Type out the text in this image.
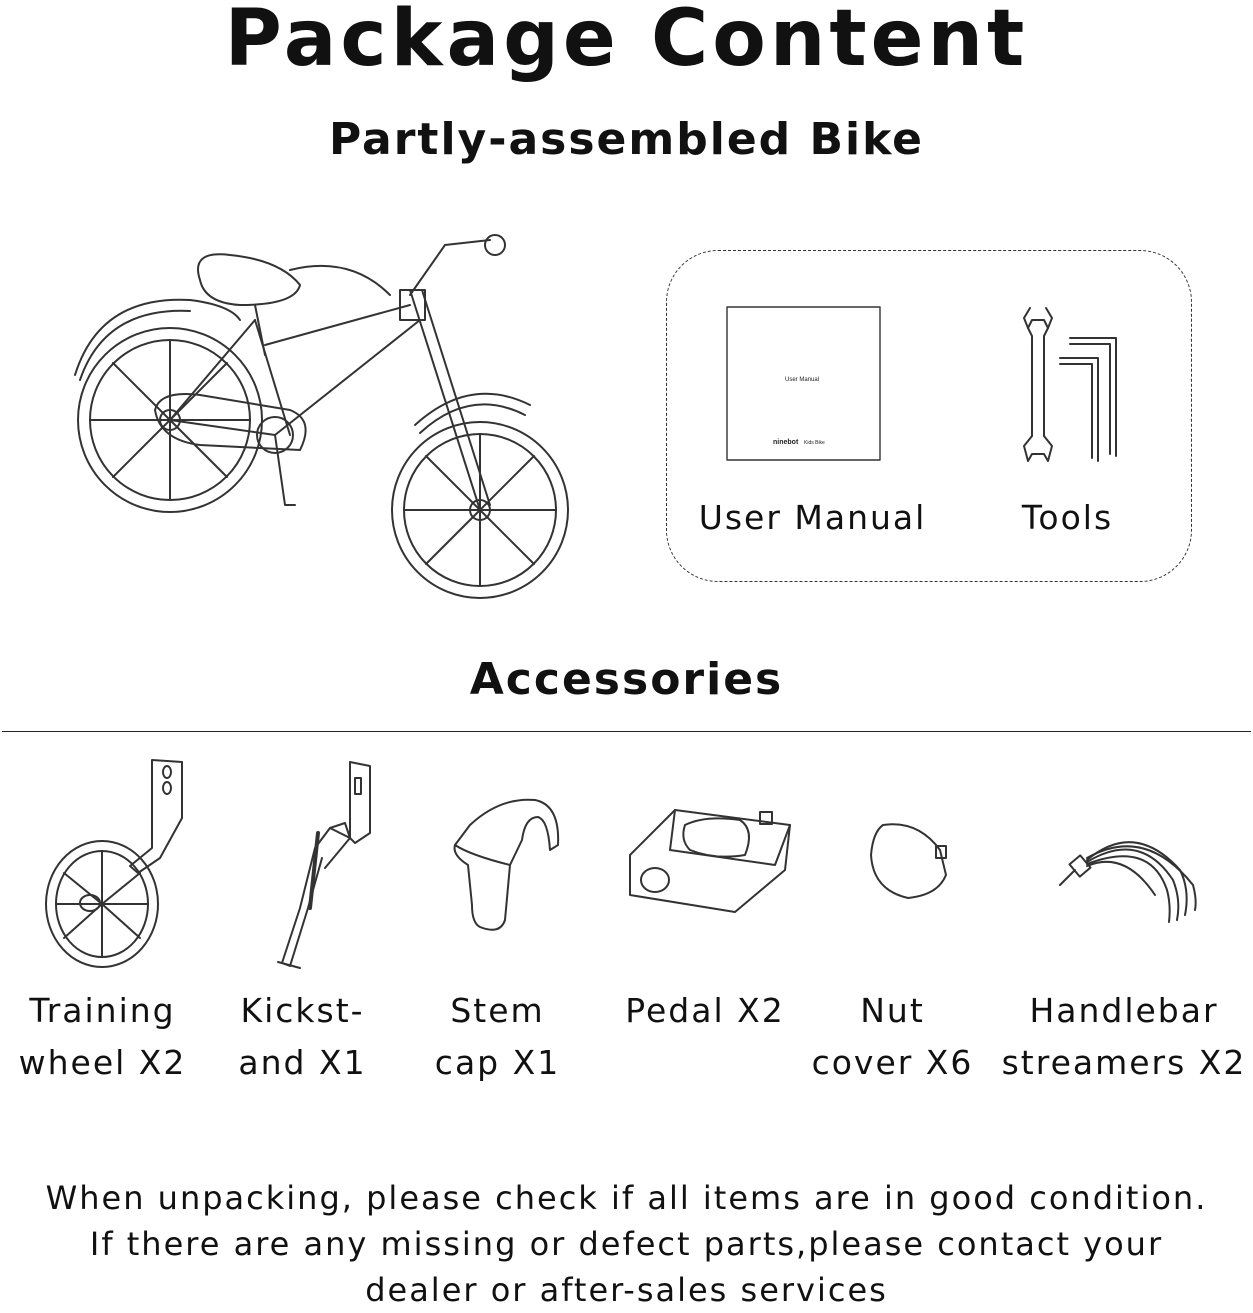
Package Content
Partly-assembled Bike
User Manual
ninebot Kids Bike
User Manual	Tools
Accessories
Training
wheel X2
Kickst-
and X1
Stem
cap X1
Pedal X2	Nut
cover X6
Handlebar
streamers X2
When unpacking, please check if all items are in good condition.
If there are any missing or defect parts,please contact your
dealer or after-sales services
